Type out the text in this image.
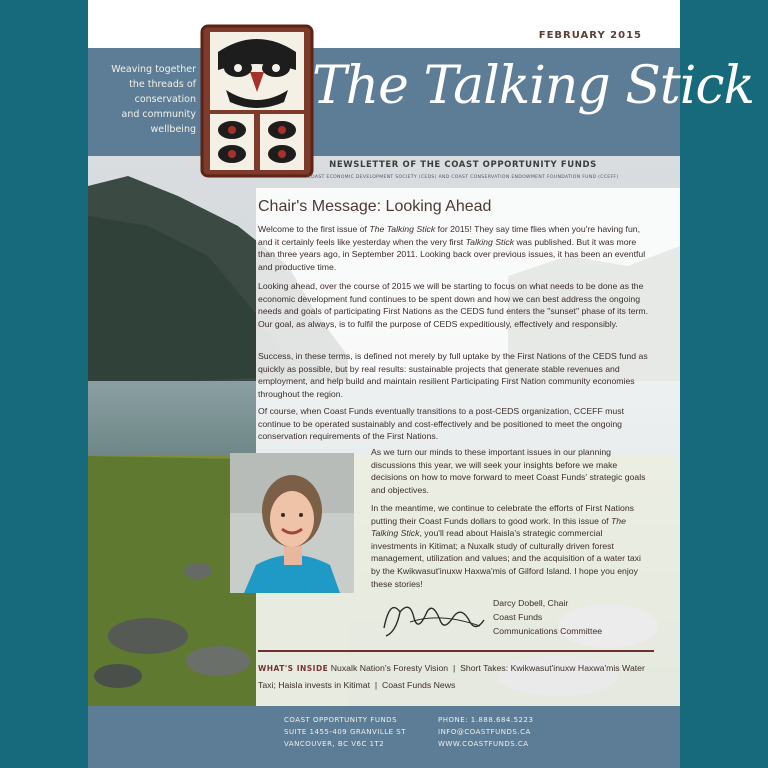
FEBRUARY 2015
Weaving together
the threads of
conservation
and community
wellbeing
The Talking Stick
NEWSLETTER OF THE COAST OPPORTUNITY FUNDS
COAST ECONOMIC DEVELOPMENT SOCIETY (CEDS) AND COAST CONSERVATION ENDOWMENT FOUNDATION FUND (CCEFF)
Chair's Message: Looking Ahead

Welcome to the first issue of The Talking Stick for 2015! They say time flies when you're having fun, and it certainly feels like yesterday when the very first Talking Stick was published. But it was more than three years ago, in September 2011. Looking back over previous issues, it has been an eventful and productive time.

Looking ahead, over the course of 2015 we will be starting to focus on what needs to be done as the economic development fund continues to be spent down and how we can best address the ongoing needs and goals of participating First Nations as the CEDS fund enters the "sunset" phase of its term. Our goal, as always, is to fulfil the purpose of CEDS expeditiously, effectively and responsibly.

Success, in these terms, is defined not merely by full uptake by the First Nations of the CEDS fund as quickly as possible, but by real results: sustainable projects that generate stable revenues and employment, and help build and maintain resilient Participating First Nation community economies throughout the region.

Of course, when Coast Funds eventually transitions to a post-CEDS organization, CCEFF must continue to be operated sustainably and cost-effectively and be positioned to meet the ongoing conservation requirements of the First Nations.

As we turn our minds to these important issues in our planning discussions this year, we will seek your insights before we make decisions on how to move forward to meet Coast Funds' strategic goals and objectives.

In the meantime, we continue to celebrate the efforts of First Nations putting their Coast Funds dollars to good work. In this issue of The Talking Stick, you'll read about Haisla's strategic commercial investments in Kitimat; a Nuxalk study of culturally driven forest management, utilization and values; and the acquisition of a water taxi by the Kwikwasut'inuxw Haxwa'mis of Gilford Island. I hope you enjoy these stories!

Darcy Dobell, Chair
Coast Funds
Communications Committee
WHAT'S INSIDE Nuxalk Nation's Foresty Vision  |  Short Takes: Kwikwasut'inuxw Haxwa'mis Water Taxi; Haisla invests in Kitimat  |  Coast Funds News
COAST OPPORTUNITY FUNDS
SUITE 1455-409 GRANVILLE ST
VANCOUVER, BC V6C 1T2
PHONE: 1.888.684.5223
INFO@COASTFUNDS.CA
WWW.COASTFUNDS.CA
